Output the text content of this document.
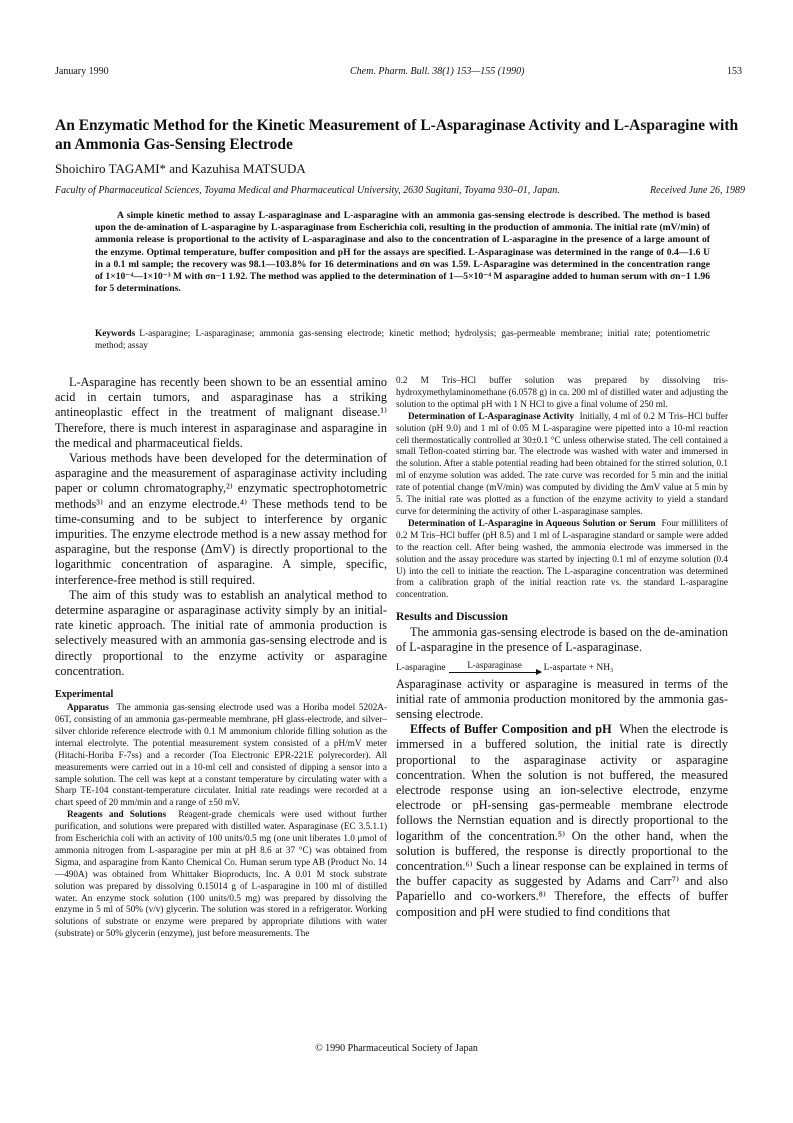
January 1990	Chem. Pharm. Bull. 38(1) 153—155 (1990)	153
An Enzymatic Method for the Kinetic Measurement of L-Asparaginase Activity and L-Asparagine with an Ammonia Gas-Sensing Electrode
Shoichiro TAGAMI* and Kazuhisa MATSUDA
Faculty of Pharmaceutical Sciences, Toyama Medical and Pharmaceutical University, 2630 Sugitani, Toyama 930–01, Japan.	Received June 26, 1989

A simple kinetic method to assay L-asparaginase and L-asparagine with an ammonia gas-sensing electrode is described. The method is based upon the de-amination of L-asparagine by L-asparaginase from Escherichia coli, resulting in the production of ammonia. The initial rate (mV/min) of ammonia release is proportional to the activity of L-asparaginase and also to the concentration of L-asparagine in the presence of a large amount of the enzyme. Optimal temperature, buffer composition and pH for the assays are specified. L-Asparaginase was determined in the range of 0.4—1.6 U in a 0.1 ml sample; the recovery was 98.1—103.8% for 16 determinations and σn was 1.59. L-Asparagine was determined in the concentration range of 1×10⁻⁴—1×10⁻³ M with σn−1 1.92. The method was applied to the determination of 1—5×10⁻⁴ M asparagine added to human serum with σn−1 1.96 for 5 determinations.

Keywords L-asparagine; L-asparaginase; ammonia gas-sensing electrode; kinetic method; hydrolysis; gas-permeable membrane; initial rate; potentiometric method; assay

L-Asparagine has recently been shown to be an essential amino acid in certain tumors, and asparaginase has a striking antineoplastic effect in the treatment of malignant disease.¹⁾ Therefore, there is much interest in asparaginase and asparagine in the medical and pharmaceutical fields.

Various methods have been developed for the determination of asparagine and the measurement of asparaginase activity including paper or column chromatography,²⁾ enzymatic spectrophotometric methods³⁾ and an enzyme electrode.⁴⁾ These methods tend to be time-consuming and to be subject to interference by organic impurities. The enzyme electrode method is a new assay method for asparagine, but the response (ΔmV) is directly proportional to the logarithmic concentration of asparagine. A simple, specific, interference-free method is still required.

The aim of this study was to establish an analytical method to determine asparagine or asparaginase activity simply by an initial-rate kinetic approach. The initial rate of ammonia production is selectively measured with an ammonia gas-sensing electrode and is directly proportional to the enzyme activity or asparagine concentration.

Experimental

Apparatus The ammonia gas-sensing electrode used was a Horiba model 5202A-06T, consisting of an ammonia gas-permeable membrane, pH glass-electrode, and silver–silver chloride reference electrode with 0.1 M ammonium chloride filling solution as the internal electrolyte. The potential measurement system consisted of a pH/mV meter (Hitachi-Horiba F-7ss) and a recorder (Toa Electronic EPR-221E polyrecorder). All measurements were carried out in a 10-ml cell and consisted of dipping a sensor into a sample solution. The cell was kept at a constant temperature by circulating water with a Sharp TE-104 constant-temperature circulater. Initial rate readings were recorded at a chart speed of 20 mm/min and a range of ±50 mV.

Reagents and Solutions Reagent-grade chemicals were used without further purification, and solutions were prepared with distilled water. Asparaginase (EC 3.5.1.1) from Escherichia coli with an activity of 100 units/0.5 mg (one unit liberates 1.0 μmol of ammonia nitrogen from L-asparagine per min at pH 8.6 at 37 °C) was obtained from Sigma, and asparagine from Kanto Chemical Co. Human serum type AB (Product No. 14—490A) was obtained from Whittaker Bioproducts, Inc. A 0.01 M stock substrate solution was prepared by dissolving 0.15014 g of L-asparagine in 100 ml of distilled water. An enzyme stock solution (100 units/0.5 mg) was prepared by dissolving the enzyme in 5 ml of 50% (v/v) glycerin. The solution was stored in a refrigerator. Working solutions of substrate or enzyme were prepared by appropriate dilutions with water (substrate) or 50% glycerin (enzyme), just before measurements. The

0.2 M Tris–HCl buffer solution was prepared by dissolving tris-hydroxymethylaminomethane (6.0578 g) in ca. 200 ml of distilled water and adjusting the solution to the optimal pH with 1 N HCl to give a final volume of 250 ml.

Determination of L-Asparaginase Activity Initially, 4 ml of 0.2 M Tris–HCl buffer solution (pH 9.0) and 1 ml of 0.05 M L-asparagine were pipetted into a 10-ml reaction cell thermostatically controlled at 30±0.1 °C unless otherwise stated. The cell contained a small Teflon-coated stirring bar. The electrode was washed with water and immersed in the solution. After a stable potential reading had been obtained for the stirred solution, 0.1 ml of enzyme solution was added. The rate curve was recorded for 5 min and the initial rate of potential change (mV/min) was computed by dividing the ΔmV value at 5 min by 5. The initial rate was plotted as a function of the enzyme activity to yield a standard curve for determining the activity of other L-asparaginase samples.

Determination of L-Asparagine in Aqueous Solution or Serum Four milliliters of 0.2 M Tris–HCl buffer (pH 8.5) and 1 ml of L-asparagine standard or sample were added to the reaction cell. After being washed, the ammonia electrode was immersed in the solution and the assay procedure was started by injecting 0.1 ml of enzyme solution (0.4 U) into the cell to initiate the reaction. The L-asparagine concentration was determined from a calibration graph of the initial reaction rate vs. the standard L-asparagine concentration.

Results and Discussion

The ammonia gas-sensing electrode is based on the de-amination of L-asparagine in the presence of L-asparaginase.

L-asparagine L-asparaginase L-aspartate + NH₃

Asparaginase activity or asparagine is measured in terms of the initial rate of ammonia production monitored by the ammonia gas-sensing electrode.

Effects of Buffer Composition and pH When the electrode is immersed in a buffered solution, the initial rate is directly proportional to the asparaginase activity or asparagine concentration. When the solution is not buffered, the measured electrode response using an ion-selective electrode, enzyme electrode or pH-sensing gas-permeable membrane electrode follows the Nernstian equation and is directly proportional to the logarithm of the concentration.⁵⁾ On the other hand, when the solution is buffered, the response is directly proportional to the concentration.⁶⁾ Such a linear response can be explained in terms of the buffer capacity as suggested by Adams and Carr⁷⁾ and also Papariello and co-workers.⁸⁾ Therefore, the effects of buffer composition and pH were studied to find conditions that

© 1990 Pharmaceutical Society of Japan
